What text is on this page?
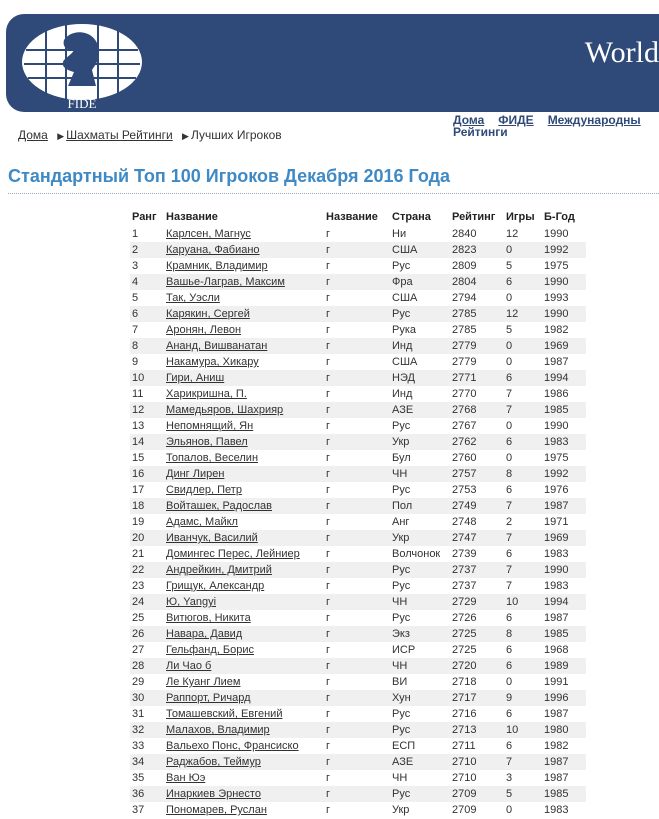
FIDE
World
Дома ФИДЕ Международны
Рейтинги
Дома ▶ Шахматы Рейтинги ▶ Лучших Игроков
Стандартный Топ 100 Игроков Декабря 2016 Года
Ранг	Название	Название	Страна	Рейтинг	Игры	Б-Год
1	Карлсен, Магнус	г	Ни	2840	12	1990
2	Каруана, Фабиано	г	США	2823	0	1992
3	Крамник, Владимир	г	Рус	2809	5	1975
4	Вашье-Лаграв, Максим	г	Фра	2804	6	1990
5	Так, Уэсли	г	США	2794	0	1993
6	Карякин, Сергей	г	Рус	2785	12	1990
7	Аронян, Левон	г	Рука	2785	5	1982
8	Ананд, Вишванатан	г	Инд	2779	0	1969
9	Накамура, Хикару	г	США	2779	0	1987
10	Гири, Аниш	г	НЭД	2771	6	1994
11	Харикришна, П.	г	Инд	2770	7	1986
12	Мамедьяров, Шахрияр	г	АЗЕ	2768	7	1985
13	Непомнящий, Ян	г	Рус	2767	0	1990
14	Эльянов, Павел	г	Укр	2762	6	1983
15	Топалов, Веселин	г	Бул	2760	0	1975
16	Динг Лирен	г	ЧН	2757	8	1992
17	Свидлер, Петр	г	Рус	2753	6	1976
18	Войташек, Радослав	г	Пол	2749	7	1987
19	Адамс, Майкл	г	Анг	2748	2	1971
20	Иванчук, Василий	г	Укр	2747	7	1969
21	Домингес Перес, Лейниер	г	Волчонок	2739	6	1983
22	Андрейкин, Дмитрий	г	Рус	2737	7	1990
23	Грищук, Александр	г	Рус	2737	7	1983
24	Ю, Yangyi	г	ЧН	2729	10	1994
25	Витюгов, Никита	г	Рус	2726	6	1987
26	Навара, Давид	г	Экз	2725	8	1985
27	Гельфанд, Борис	г	ИСР	2725	6	1968
28	Ли Чао б	г	ЧН	2720	6	1989
29	Ле Куанг Лием	г	ВИ	2718	0	1991
30	Раппорт, Ричард	г	Хун	2717	9	1996
31	Томашевский, Евгений	г	Рус	2716	6	1987
32	Малахов, Владимир	г	Рус	2713	10	1980
33	Вальехо Понс, Франсиско	г	ЕСП	2711	6	1982
34	Раджабов, Теймур	г	АЗЕ	2710	7	1987
35	Ван Юэ	г	ЧН	2710	3	1987
36	Инаркиев Эрнесто	г	Рус	2709	5	1985
37	Пономарев, Руслан	г	Укр	2709	0	1983
